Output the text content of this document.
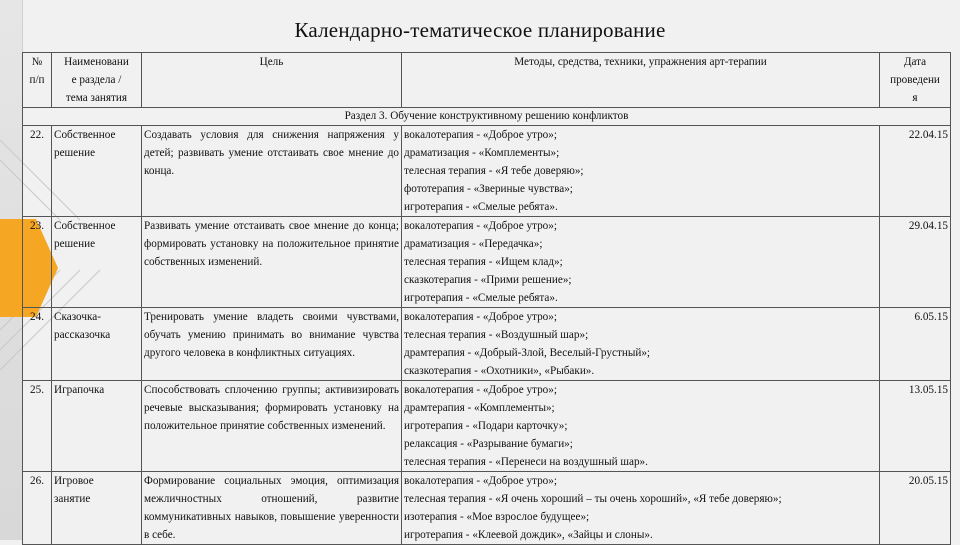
Календарно-тематическое планирование
№
п/п	Наименовани
е раздела /
тема занятия	Цель	Методы, средства, техники, упражнения арт-терапии	Дата
проведени
я

Раздел 3. Обучение конструктивному решению конфликтов				
22.	Собственное
решение	Создавать условия для снижения напряжения у детей; развивать умение отстаивать свое мнение до конца.	вокалотерапия - «Доброе утро»;
драматизация - «Комплементы»;
телесная терапия - «Я тебе доверяю»;
фототерапия - «Звериные чувства»;
игротерапия - «Смелые ребята».	22.04.15
23.	Собственное
решение	Развивать умение отстаивать свое мнение до конца; формировать установку на положительное принятие собственных изменений.	вокалотерапия - «Доброе утро»;
драматизация - «Передачка»;
телесная терапия - «Ищем клад»;
сказкотерапия - «Прими решение»;
игротерапия - «Смелые ребята».	29.04.15
24.	Сказочка-
рассказочка	Тренировать умение владеть своими чувствами, обучать умению принимать во внимание чувства другого человека в конфликтных ситуациях.	вокалотерапия - «Доброе утро»;
телесная терапия - «Воздушный шар»;
драмтерапия - «Добрый-Злой, Веселый-Грустный»;
сказкотерапия - «Охотники», «Рыбаки».	6.05.15
25.	Играпочка	Способствовать сплочению группы; активизировать речевые высказывания; формировать установку на положительное принятие собственных изменений.	вокалотерапия - «Доброе утро»;
драмтерапия - «Комплементы»;
игротерапия - «Подари карточку»;
релаксация - «Разрывание бумаги»;
телесная терапия - «Перенеси на воздушный шар».	13.05.15
26.	Игровое
занятие	Формирование социальных эмоция, оптимизация межличностных отношений, развитие коммуникативных навыков, повышение уверенности в себе.	вокалотерапия - «Доброе утро»;
телесная терапия - «Я очень хороший – ты очень хороший», «Я тебе доверяю»;
изотерапия - «Мое взрослое будущее»;
игротерапия - «Клеевой дождик», «Зайцы и слоны».	20.05.15
